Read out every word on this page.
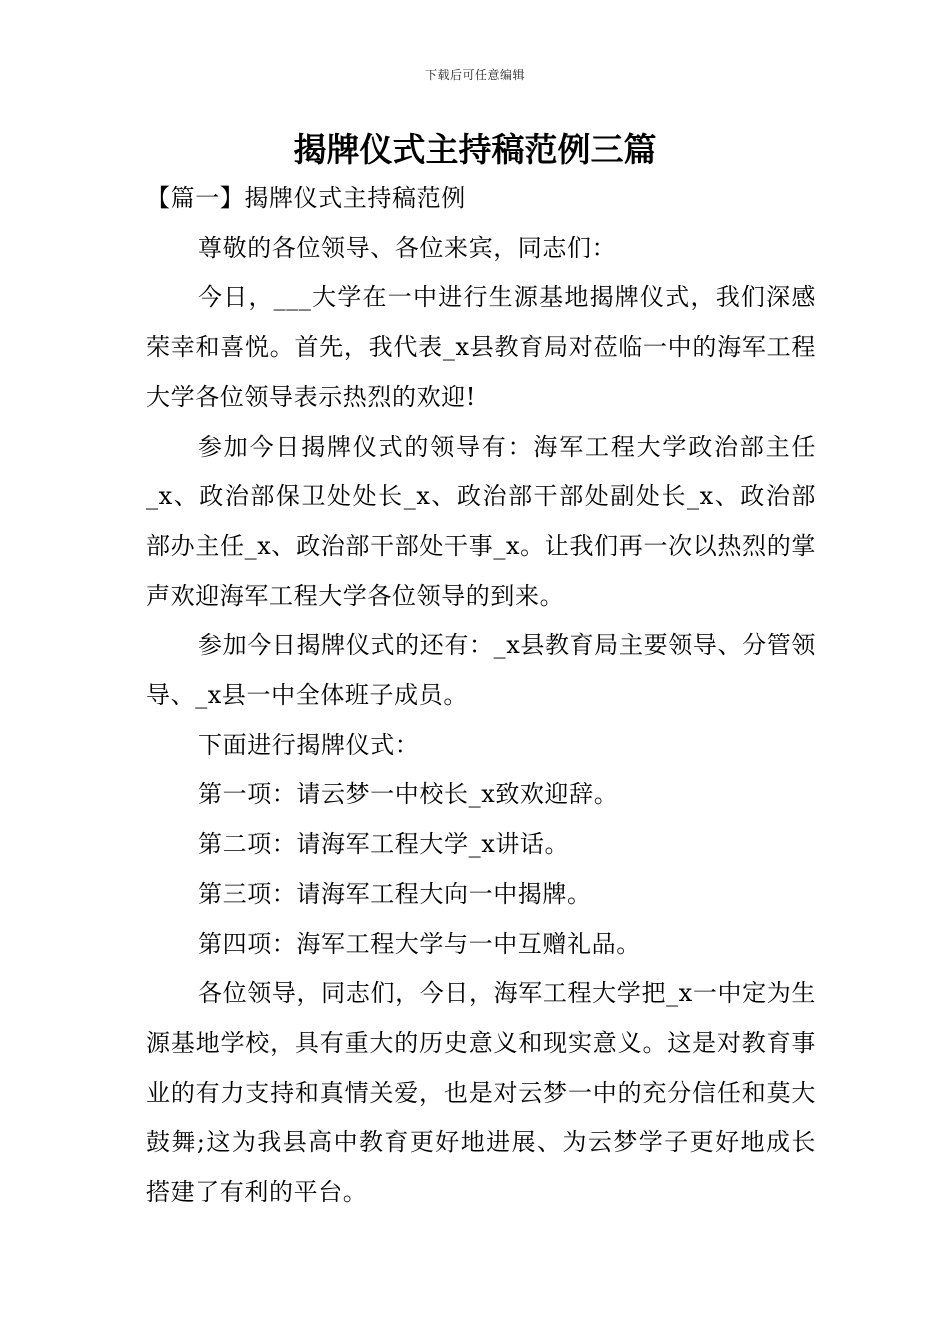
下载后可任意编辑
揭牌仪式主持稿范例三篇

【篇一】揭牌仪式主持稿范例

尊敬的各位领导、各位来宾，同志们：

今日，___大学在一中进行生源基地揭牌仪式，我们深感荣幸和喜悦。首先，我代表_x县教育局对莅临一中的海军工程大学各位领导表示热烈的欢迎!

参加今日揭牌仪式的领导有：海军工程大学政治部主任_x、政治部保卫处处长_x、政治部干部处副处长_x、政治部部办主任_x、政治部干部处干事_x。让我们再一次以热烈的掌声欢迎海军工程大学各位领导的到来。

参加今日揭牌仪式的还有：_x县教育局主要领导、分管领导、_x县一中全体班子成员。

下面进行揭牌仪式：

第一项：请云梦一中校长_x致欢迎辞。

第二项：请海军工程大学_x讲话。

第三项：请海军工程大向一中揭牌。

第四项：海军工程大学与一中互赠礼品。

各位领导，同志们，今日，海军工程大学把_x一中定为生源基地学校，具有重大的历史意义和现实意义。这是对教育事业的有力支持和真情关爱，也是对云梦一中的充分信任和莫大鼓舞;这为我县高中教育更好地进展、为云梦学子更好地成长搭建了有利的平台。
